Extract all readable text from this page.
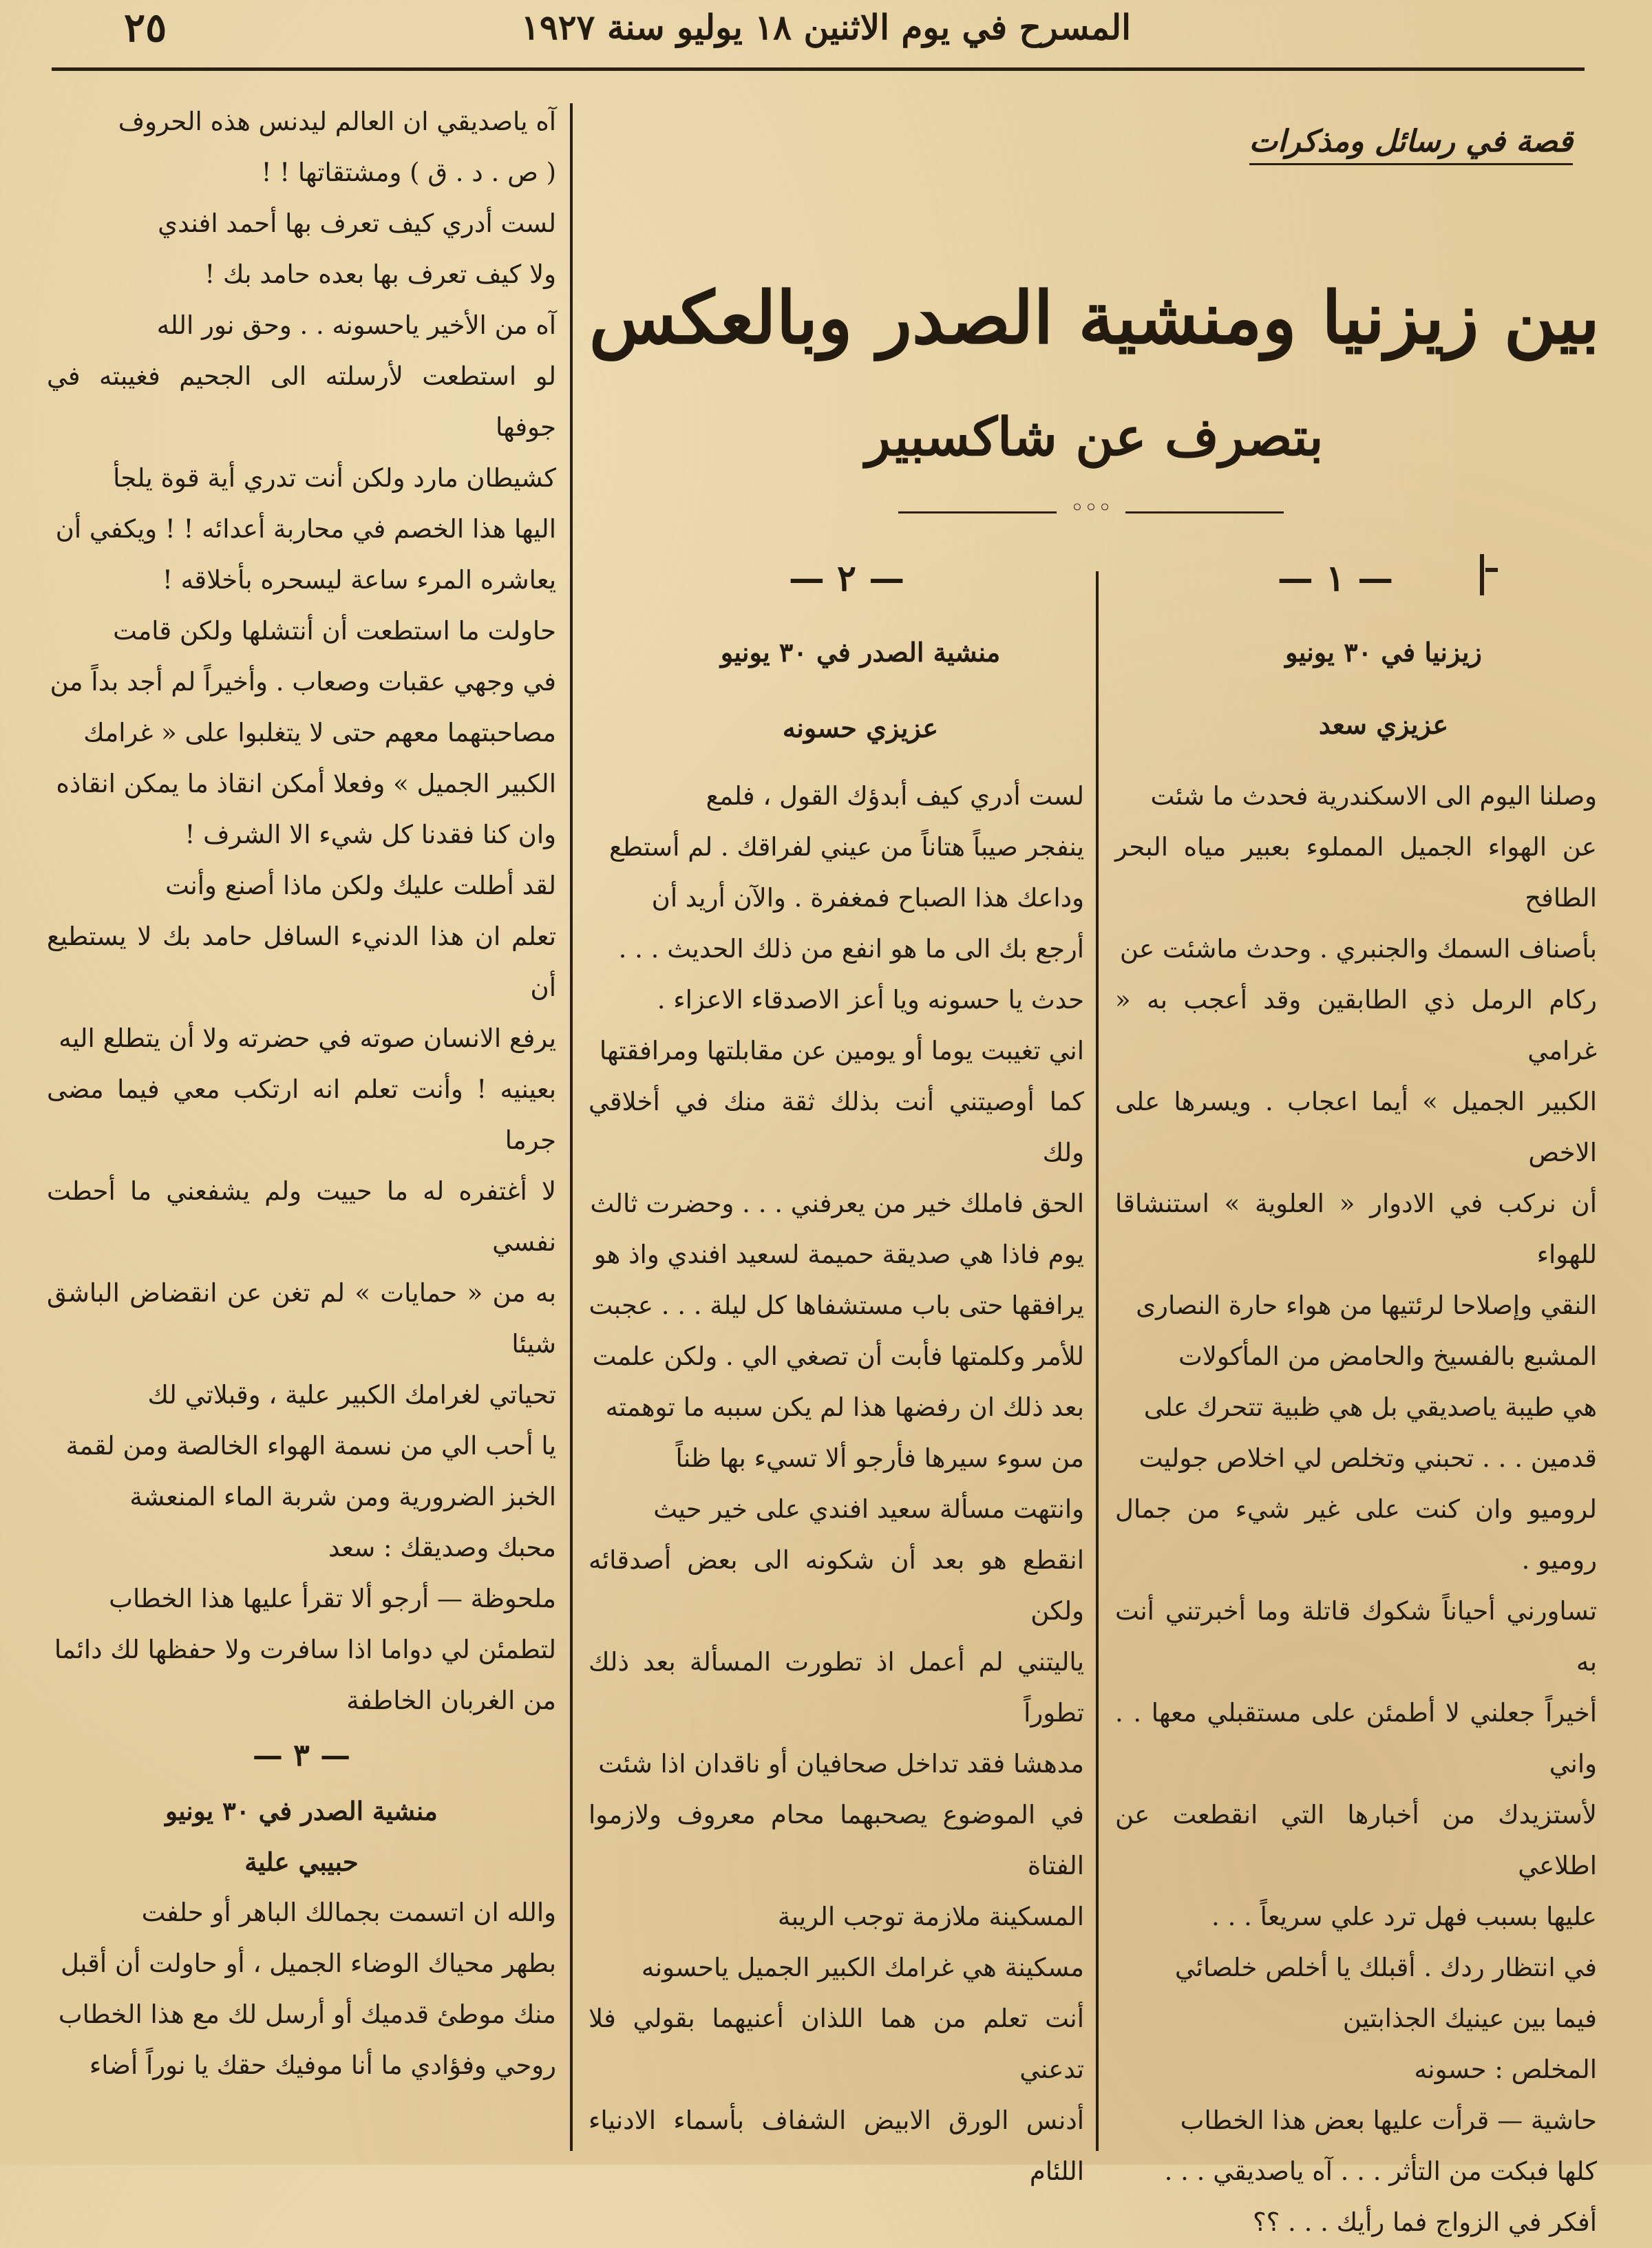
٢٥	المسرح في يوم الاثنين ١٨ يوليو سنة ١٩٢٧
قصة في رسائل ومذكرات
بين زيزنيا ومنشية الصدر وبالعكس
بتصرف عن شاكسبير
◦◦◦
— ١ —
— ٢ —
زيزنيا في ٣٠ يونيو
منشية الصدر في ٣٠ يونيو
عزيزي سعد
عزيزي حسونه
وصلنا اليوم الى الاسكندرية فحدث ما شئت
عن الهواء الجميل المملوء بعبير مياه البحر الطافح
بأصناف السمك والجنبري . وحدث ماشئت عن
ركام الرمل ذي الطابقين وقد أعجب به « غرامي
الكبير الجميل » أيما اعجاب . ويسرها على الاخص
أن نركب في الادوار « العلوية » استنشاقا للهواء
النقي وإصلاحا لرئتيها من هواء حارة النصارى
المشبع بالفسيخ والحامض من المأكولات
هي طيبة ياصديقي بل هي ظبية تتحرك على
قدمين . . . تحبني وتخلص لي اخلاص جوليت
لروميو وان كنت على غير شيء من جمال روميو .
تساورني أحياناً شكوك قاتلة وما أخبرتني أنت به
أخيراً جعلني لا أطمئن على مستقبلي معها . . واني
لأستزيدك من أخبارها التي انقطعت عن اطلاعي
عليها بسبب فهل ترد علي سريعاً . . .
في انتظار ردك . أقبلك يا أخلص خلصائي
فيما بين عينيك الجذابتين
المخلص : حسونه
حاشية — قرأت عليها بعض هذا الخطاب
كلها فبكت من التأثر . . . آه ياصديقي . . .
أفكر في الزواج فما رأيك . . . ؟؟
لست أدري كيف أبدؤك القول ، فلمع
ينفجر صيباً هتاناً من عيني لفراقك . لم أستطع
وداعك هذا الصباح فمغفرة . والآن أريد أن
أرجع بك الى ما هو انفع من ذلك الحديث . . .
حدث يا حسونه ويا أعز الاصدقاء الاعزاء .
اني تغيبت يوما أو يومين عن مقابلتها ومرافقتها
كما أوصيتني أنت بذلك ثقة منك في أخلاقي ولك
الحق فاملك خير من يعرفني . . . وحضرت ثالث
يوم فاذا هي صديقة حميمة لسعيد افندي واذ هو
يرافقها حتى باب مستشفاها كل ليلة . . . عجبت
للأمر وكلمتها فأبت أن تصغي الي . ولكن علمت
بعد ذلك ان رفضها هذا لم يكن سببه ما توهمته
من سوء سيرها فأرجو ألا تسيء بها ظناً
وانتهت مسألة سعيد افندي على خير حيث
انقطع هو بعد أن شكونه الى بعض أصدقائه ولكن
ياليتني لم أعمل اذ تطورت المسألة بعد ذلك تطوراً
مدهشا فقد تداخل صحافيان أو ناقدان اذا شئت
في الموضوع يصحبهما محام معروف ولازموا الفتاة
المسكينة ملازمة توجب الريبة
مسكينة هي غرامك الكبير الجميل ياحسونه
أنت تعلم من هما اللذان أعنيهما بقولي فلا تدعني
أدنس الورق الابيض الشفاف بأسماء الادنياء اللئام
آه ياصديقي ان العالم ليدنس هذه الحروف
( ص . د . ق ) ومشتقاتها ! !
لست أدري كيف تعرف بها أحمد افندي
ولا كيف تعرف بها بعده حامد بك !
آه من الأخير ياحسونه . . وحق نور الله
لو استطعت لأرسلته الى الجحيم فغيبته في جوفها
كشيطان مارد ولكن أنت تدري أية قوة يلجأ
اليها هذا الخصم في محاربة أعدائه ! ! ويكفي أن
يعاشره المرء ساعة ليسحره بأخلاقه !
حاولت ما استطعت أن أنتشلها ولكن قامت
في وجهي عقبات وصعاب . وأخيراً لم أجد بداً من
مصاحبتهما معهم حتى لا يتغلبوا على « غرامك
الكبير الجميل » وفعلا أمكن انقاذ ما يمكن انقاذه
وان كنا فقدنا كل شيء الا الشرف !
لقد أطلت عليك ولكن ماذا أصنع وأنت
تعلم ان هذا الدنيء السافل حامد بك لا يستطيع أن
يرفع الانسان صوته في حضرته ولا أن يتطلع اليه
بعينيه ! وأنت تعلم انه ارتكب معي فيما مضى جرما
لا أغتفره له ما حييت ولم يشفعني ما أحطت نفسي
به من « حمايات » لم تغن عن انقضاض الباشق شيئا
تحياتي لغرامك الكبير علية ، وقبلاتي لك
يا أحب الي من نسمة الهواء الخالصة ومن لقمة
الخبز الضرورية ومن شربة الماء المنعشة
محبك وصديقك : سعد
ملحوظة — أرجو ألا تقرأ عليها هذا الخطاب
لتطمئن لي دواما اذا سافرت ولا حفظها لك دائما
من الغربان الخاطفة
— ٣ —
منشية الصدر في ٣٠ يونيو
حبيبي علية
والله ان اتسمت بجمالك الباهر أو حلفت
بطهر محياك الوضاء الجميل ، أو حاولت أن أقبل
منك موطئ قدميك أو أرسل لك مع هذا الخطاب
روحي وفؤادي ما أنا موفيك حقك يا نوراً أضاء
